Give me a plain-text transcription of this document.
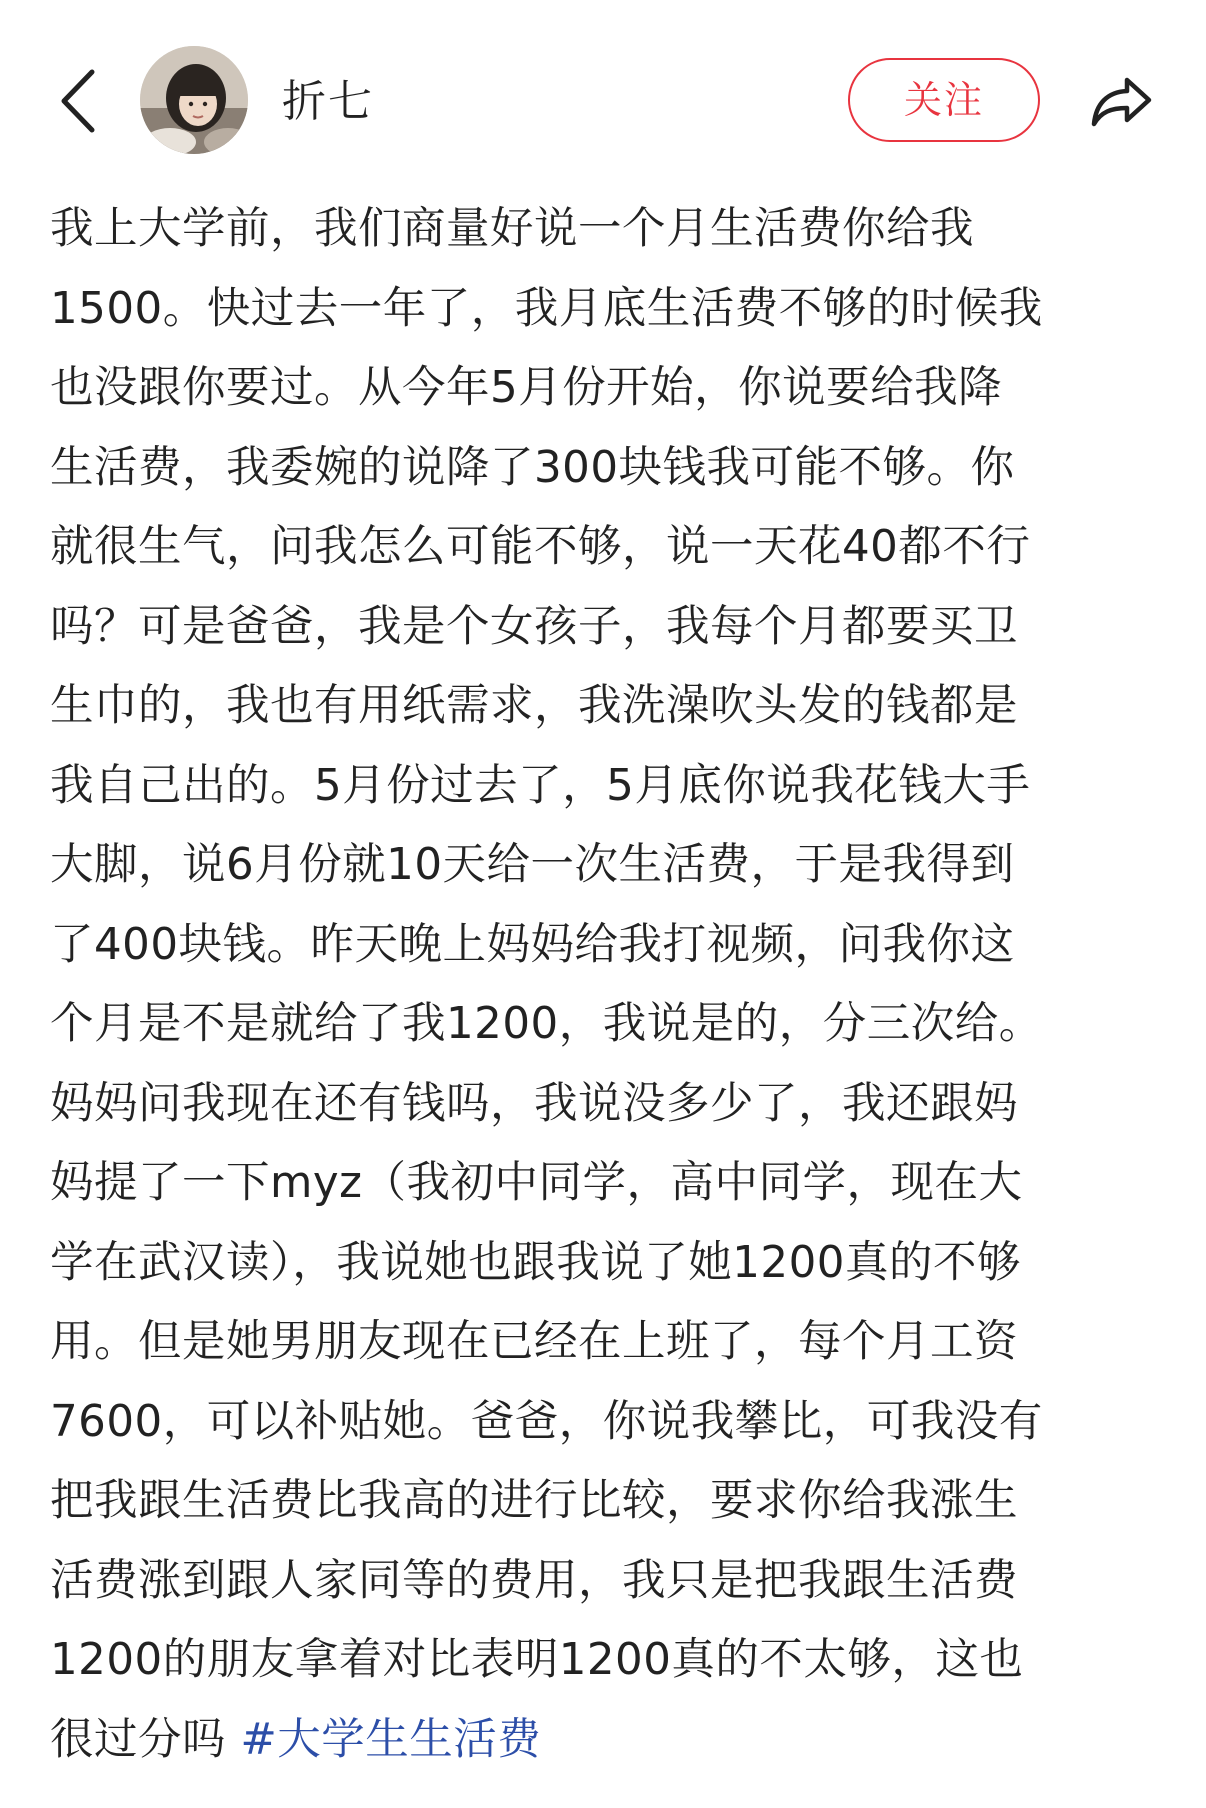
折七	关注
我上大学前，我们商量好说一个月生活费你给我
1500。快过去一年了，我月底生活费不够的时候我
也没跟你要过。从今年5月份开始，你说要给我降
生活费，我委婉的说降了300块钱我可能不够。你
就很生气，问我怎么可能不够，说一天花40都不行
吗？可是爸爸，我是个女孩子，我每个月都要买卫
生巾的，我也有用纸需求，我洗澡吹头发的钱都是
我自己出的。5月份过去了，5月底你说我花钱大手
大脚，说6月份就10天给一次生活费，于是我得到
了400块钱。昨天晚上妈妈给我打视频，问我你这
个月是不是就给了我1200，我说是的，分三次给。
妈妈问我现在还有钱吗，我说没多少了，我还跟妈
妈提了一下myz（我初中同学，高中同学，现在大
学在武汉读），我说她也跟我说了她1200真的不够
用。但是她男朋友现在已经在上班了，每个月工资
7600，可以补贴她。爸爸，你说我攀比，可我没有
把我跟生活费比我高的进行比较，要求你给我涨生
活费涨到跟人家同等的费用，我只是把我跟生活费
1200的朋友拿着对比表明1200真的不太够，这也
很过分吗 #大学生生活费
